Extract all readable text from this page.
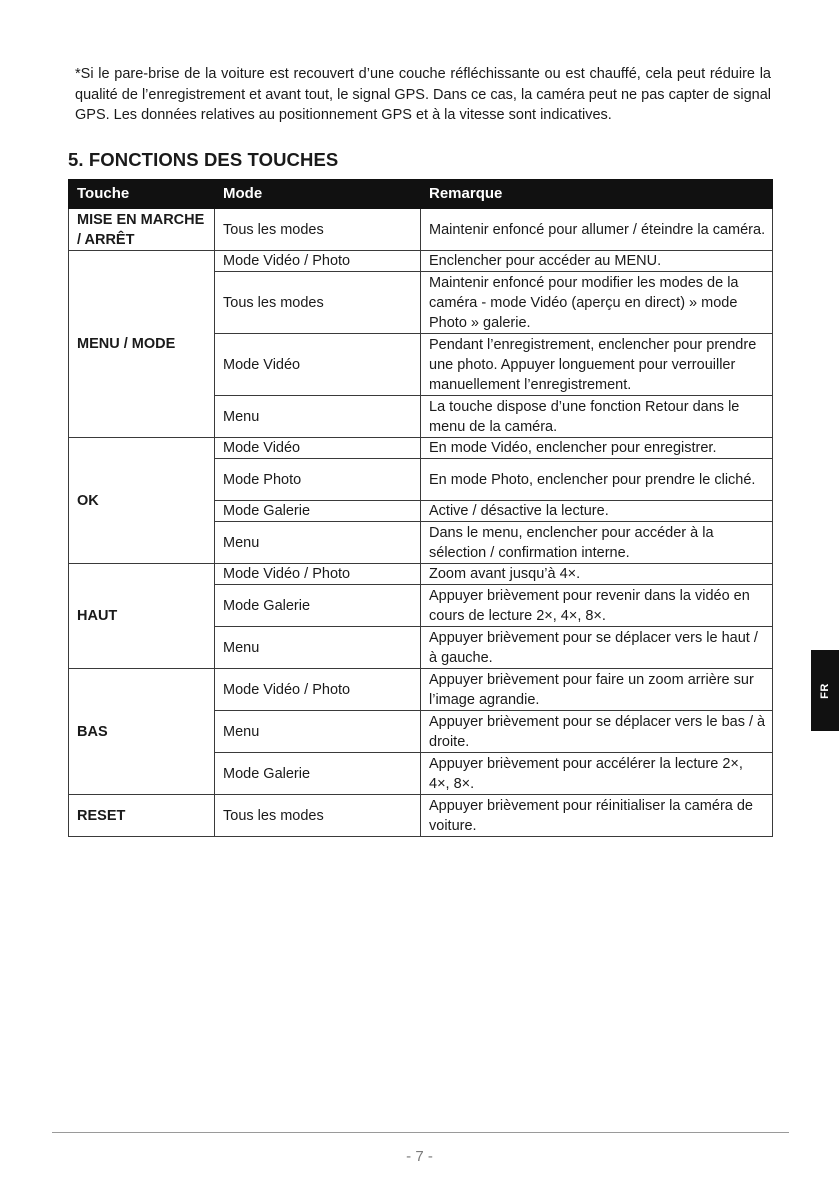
*Si le pare-brise de la voiture est recouvert d’une couche réfléchissante ou est chauffé, cela peut réduire la qualité de l’enregistrement et avant tout, le signal GPS. Dans ce cas, la caméra peut ne pas capter de signal GPS. Les données relatives au positionnement GPS et à la vitesse sont indicatives.

5. FONCTIONS DES TOUCHES
Touche	Mode	Remarque
MISE EN MARCHE / ARRÊT	Tous les modes	Maintenir enfoncé pour allumer / éteindre la caméra.
MENU / MODE	Mode Vidéo / Photo	Enclencher pour accéder au MENU.
	Tous les modes	Maintenir enfoncé pour modifier les modes de la caméra - mode Vidéo (aperçu en direct) » mode Photo » galerie.
	Mode Vidéo	Pendant l’enregistrement, enclencher pour prendre une photo. Appuyer longuement pour verrouiller manuellement l’enregistrement.
	Menu	La touche dispose d’une fonction Retour dans le menu de la caméra.
OK	Mode Vidéo	En mode Vidéo, enclencher pour enregistrer.
	Mode Photo	En mode Photo, enclencher pour prendre le cliché.
	Mode Galerie	Active / désactive la lecture.
	Menu	Dans le menu, enclencher pour accéder à la sélection / confirmation interne.
HAUT	Mode Vidéo / Photo	Zoom avant jusqu’à 4×.
	Mode Galerie	Appuyer brièvement pour revenir dans la vidéo en cours de lecture 2×, 4×, 8×.
	Menu	Appuyer brièvement pour se déplacer vers le haut / à gauche.
BAS	Mode Vidéo / Photo	Appuyer brièvement pour faire un zoom arrière sur l’image agrandie.
	Menu	Appuyer brièvement pour se déplacer vers le bas / à droite.
	Mode Galerie	Appuyer brièvement pour accélérer la lecture 2×, 4×, 8×.
RESET	Tous les modes	Appuyer brièvement pour réinitialiser la caméra de voiture.
FR
- 7 -
